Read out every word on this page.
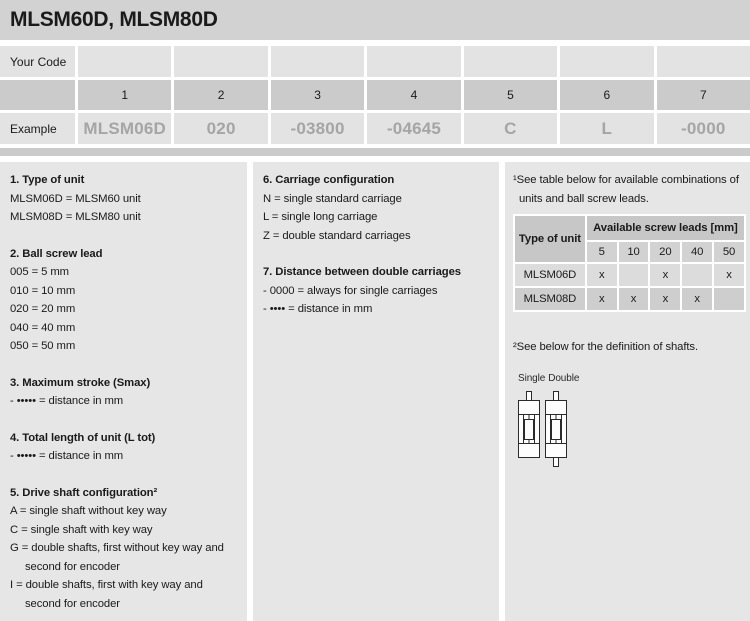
MLSM60D, MLSM80D
Your Code
1	2	3	4	5	6	7
Example	MLSM06D	020	-03800	-04645	C	L	-0000
1. Type of unit
MLSM06D = MLSM60 unit
MLSM08D = MLSM80 unit
2. Ball screw lead
005 = 5 mm
010 = 10 mm
020 = 20 mm
040 = 40 mm
050 = 50 mm
3. Maximum stroke (Smax)
- ••••• = distance in mm
4. Total length of unit (L tot)
- ••••• = distance in mm
5. Drive shaft configuration²
A = single shaft without key way
C = single shaft with key way
G = double shafts, first without key way and
second for encoder
I = double shafts, first with key way and
second for encoder
6. Carriage configuration
N = single standard carriage
L = single long carriage
Z = double standard carriages
7. Distance between double carriages
- 0000 = always for single carriages
- •••• = distance in mm
¹See table below for available combinations of units and ball screw leads.
Type of unit	Available screw leads [mm]				
	5	10	20	40	50
MLSM06D	x		x		x
MLSM08D	x	x	x	x	
²See below for the definition of shafts.
Single Double
